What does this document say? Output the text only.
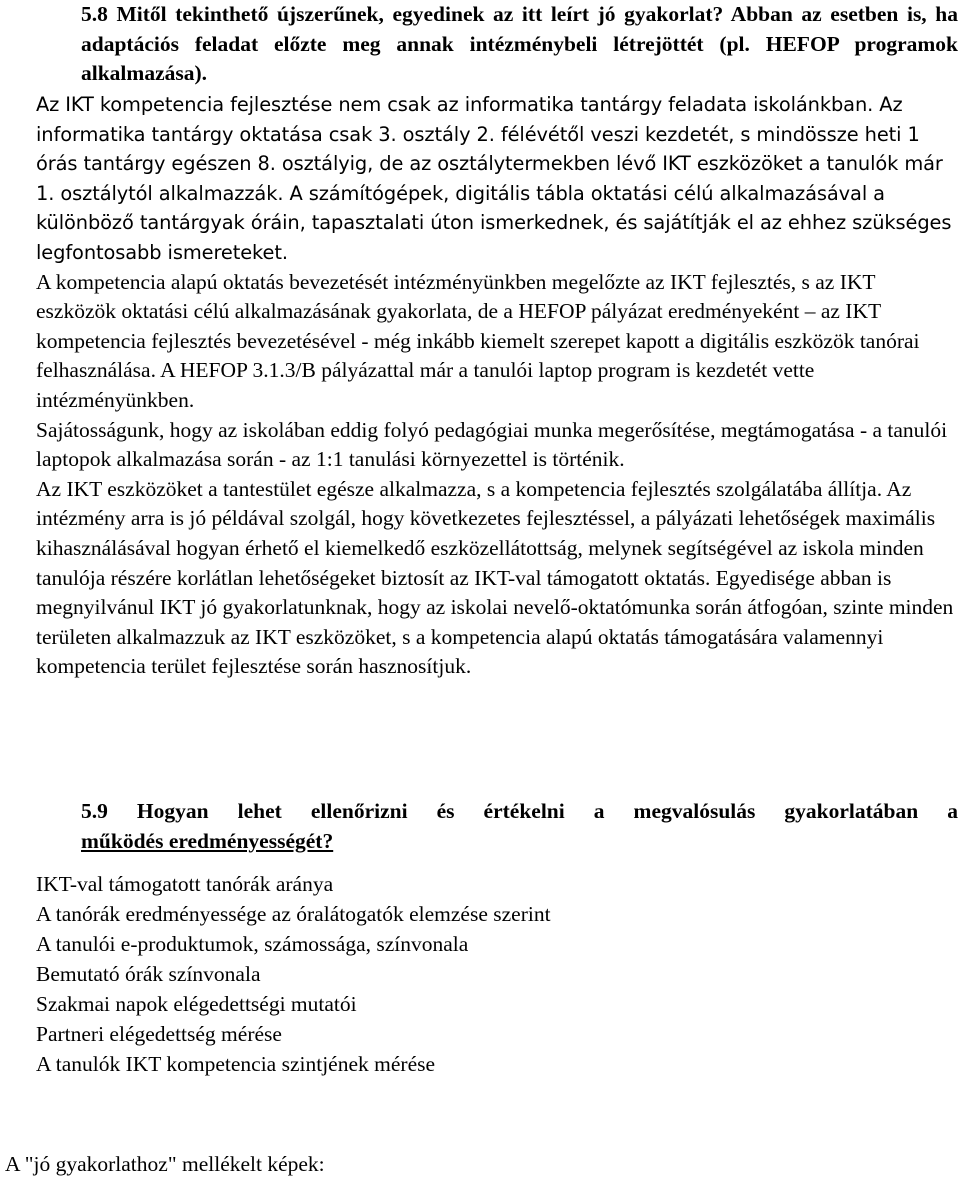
5.8 Mitől tekinthető újszerűnek, egyedinek az itt leírt jó gyakorlat? Abban az esetben is, ha adaptációs feladat előzte meg annak intézménybeli létrejöttét (pl. HEFOP programok alkalmazása).

Az IKT kompetencia fejlesztése nem csak az informatika tantárgy feladata iskolánkban. Az informatika tantárgy oktatása csak 3. osztály 2. félévétől veszi kezdetét, s mindössze heti 1 órás tantárgy egészen 8. osztályig, de az osztálytermekben lévő IKT eszközöket a tanulók már 1. osztálytól alkalmazzák. A számítógépek, digitális tábla oktatási célú alkalmazásával a különböző tantárgyak óráin, tapasztalati úton ismerkednek, és sajátítják el az ehhez szükséges legfontosabb ismereteket.

A kompetencia alapú oktatás bevezetését intézményünkben megelőzte az IKT fejlesztés, s az IKT eszközök oktatási célú alkalmazásának gyakorlata, de a HEFOP pályázat eredményeként – az IKT kompetencia fejlesztés bevezetésével - még inkább kiemelt szerepet kapott a digitális eszközök tanórai felhasználása. A HEFOP 3.1.3/B pályázattal már a tanulói laptop program is kezdetét vette intézményünkben.

Sajátosságunk, hogy az iskolában eddig folyó pedagógiai munka megerősítése, megtámogatása - a tanulói laptopok alkalmazása során - az 1:1 tanulási környezettel is történik.

Az IKT eszközöket a tantestület egésze alkalmazza, s a kompetencia fejlesztés szolgálatába állítja. Az intézmény arra is jó példával szolgál, hogy következetes fejlesztéssel, a pályázati lehetőségek maximális kihasználásával hogyan érhető el kiemelkedő eszközellátottság, melynek segítségével az iskola minden tanulója részére korlátlan lehetőségeket biztosít az IKT-val támogatott oktatás. Egyedisége abban is megnyilvánul IKT jó gyakorlatunknak, hogy az iskolai nevelő-oktatómunka során átfogóan, szinte minden területen alkalmazzuk az IKT eszközöket, s a kompetencia alapú oktatás támogatására valamennyi kompetencia terület fejlesztése során hasznosítjuk.

5.9 Hogyan lehet ellenőrizni és értékelni a megvalósulás gyakorlatában a
működés eredményességét?
IKT-val támogatott tanórák aránya
A tanórák eredményessége az óralátogatók elemzése szerint
A tanulói e-produktumok, számossága, színvonala
Bemutató órák színvonala
Szakmai napok elégedettségi mutatói
Partneri elégedettség mérése
A tanulók IKT kompetencia szintjének mérése
A "jó gyakorlathoz" mellékelt képek:
